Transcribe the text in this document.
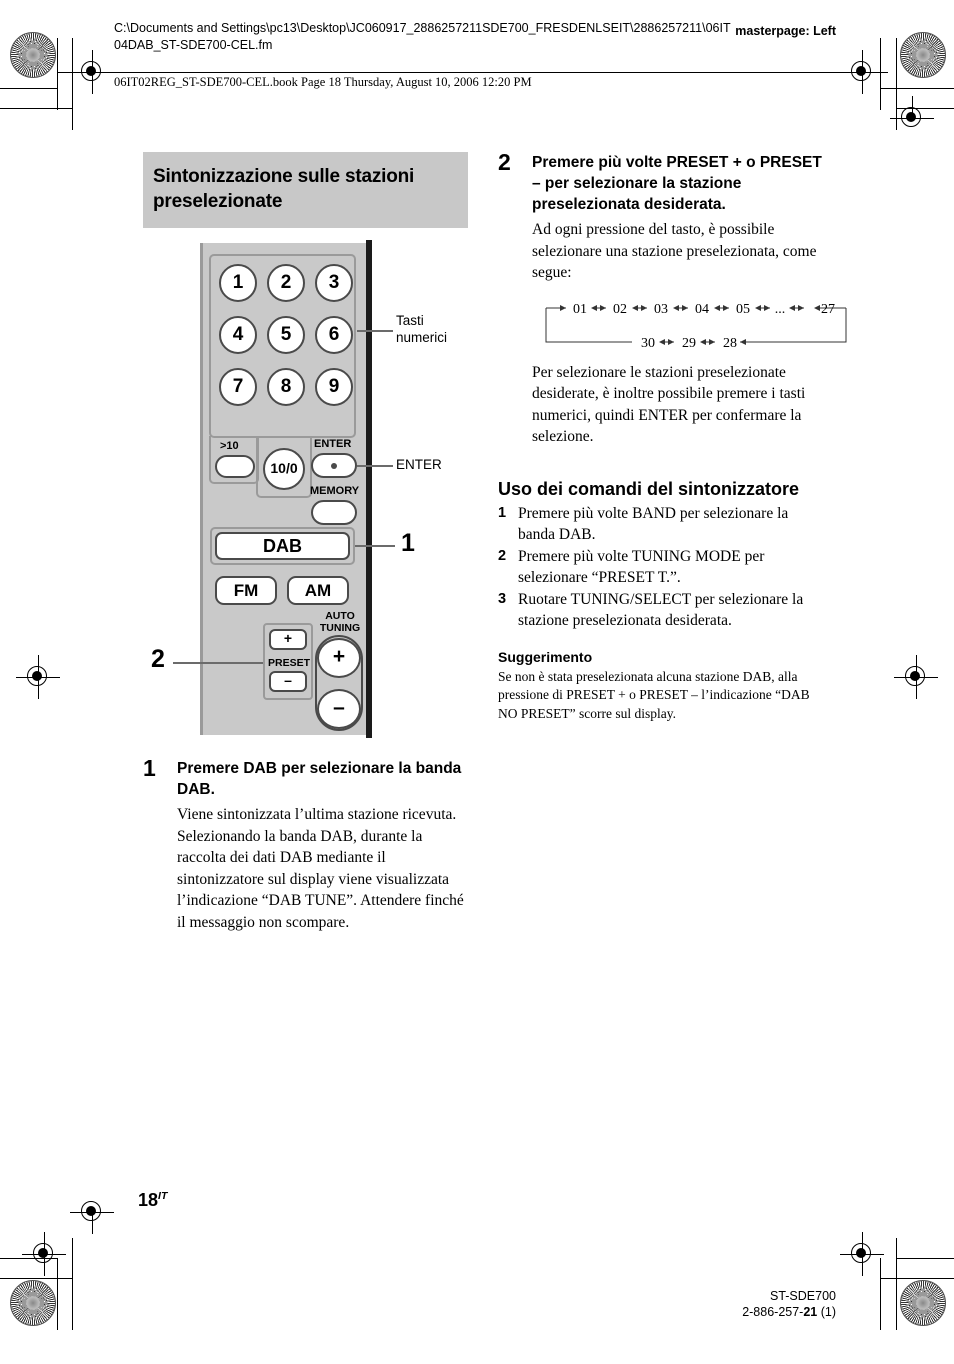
C:\Documents and Settings\pc13\Desktop\JC060917_2886257211SDE700_FRESDENLSEIT\2886257211\06IT04DAB_ST-SDE700-CEL.fm
masterpage: Left
06IT02REG_ST-SDE700-CEL.book Page 18 Thursday, August 10, 2006 12:20 PM
Sintonizzazione sulle stazioni preselezionate
1	2	3
4	5	6
7	8	9
>10
10/0
ENTER
MEMORY
DAB
FM	AM
+
PRESET
–
AUTO TUNING
+
–
Tasti numerici
ENTER
1
2
1 Premere DAB per selezionare la banda DAB.

Viene sintonizzata l’ultima stazione ricevuta. Selezionando la banda DAB, durante la raccolta dei dati DAB mediante il sintonizzatore sul display viene visualizzata l’indicazione “DAB TUNE”. Attendere finché il messaggio non scompare.

2 Premere più volte PRESET + o PRESET – per selezionare la stazione preselezionata desiderata.

Ad ogni pressione del tasto, è possibile selezionare una stazione preselezionata, come segue:

01 02 03 04 05 ...	27
30 29 28

Per selezionare le stazioni preselezionate desiderate, è inoltre possibile premere i tasti numerici, quindi ENTER per confermare la selezione.

Uso dei comandi del sintonizzatore
1 Premere più volte BAND per selezionare la banda DAB.
2 Premere più volte TUNING MODE per selezionare “PRESET T.”.
3 Ruotare TUNING/SELECT per selezionare la stazione preselezionata desiderata.
Suggerimento

Se non è stata preselezionata alcuna stazione DAB, alla pressione di PRESET + o PRESET – l’indicazione “DAB NO PRESET” scorre sul display.

$18^{IT}$
ST-SDE700
2-886-257-21 (1)
